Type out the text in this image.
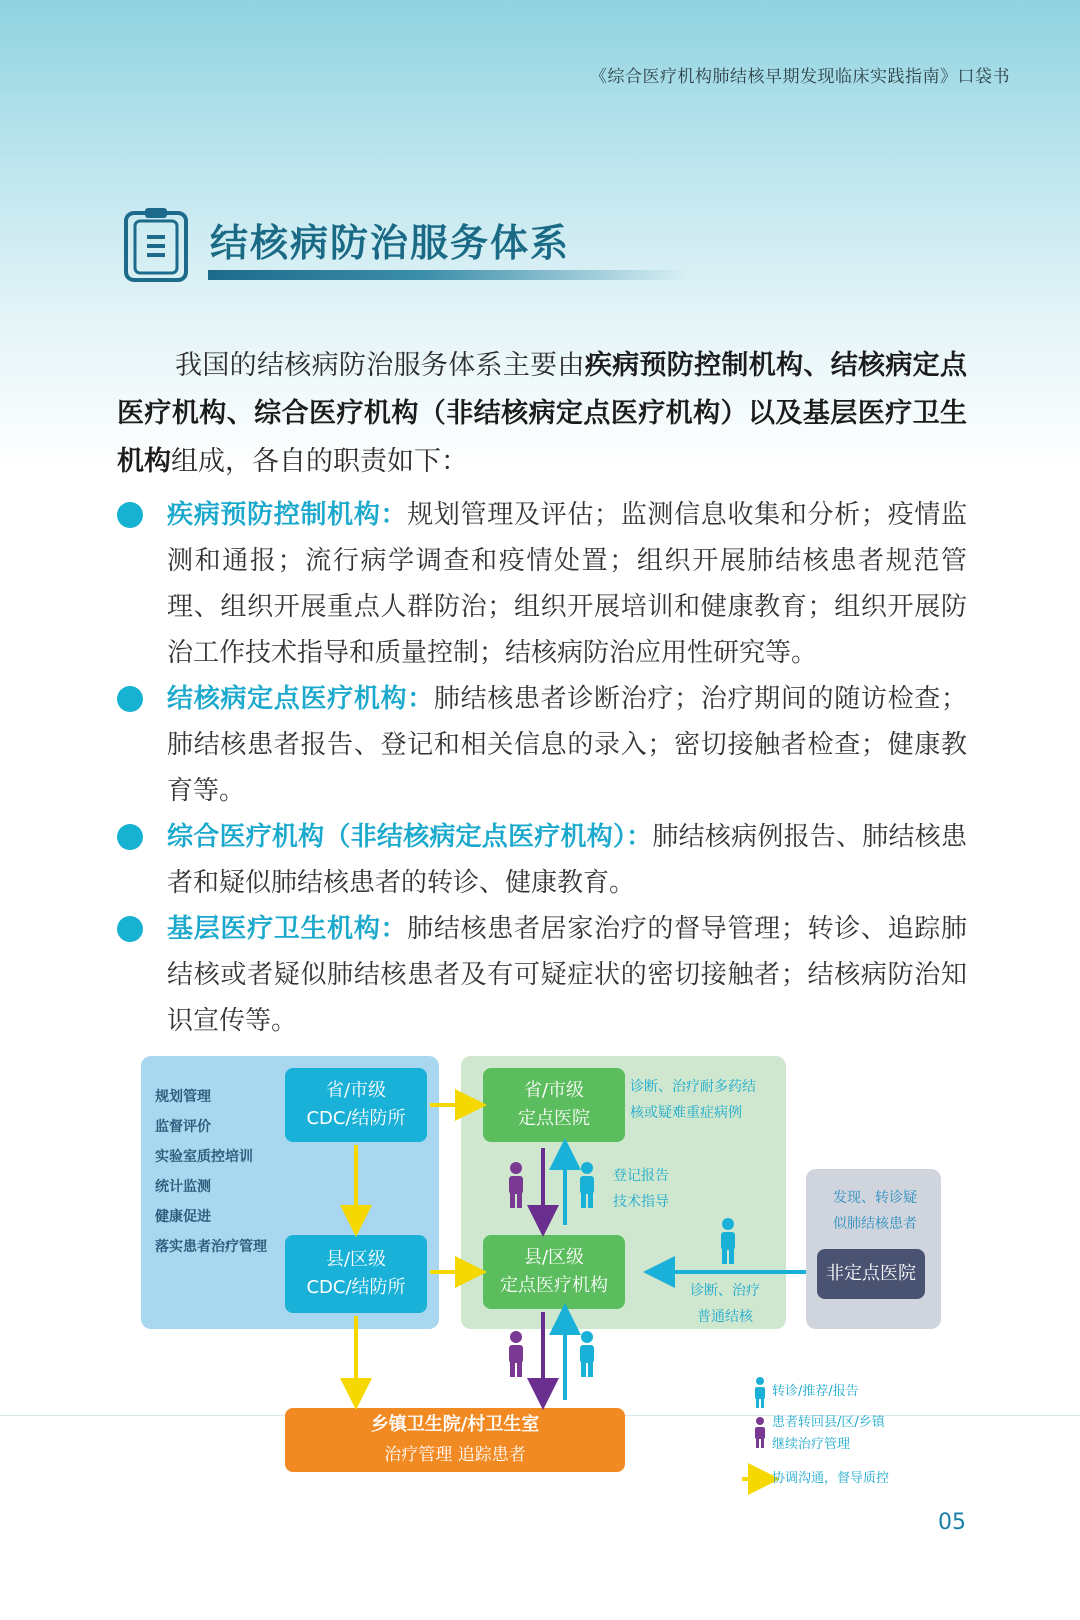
《综合医疗机构肺结核早期发现临床实践指南》口袋书
结核病防治服务体系
我国的结核病防治服务体系主要由疾病预防控制机构、结核病定点医疗机构、综合医疗机构（非结核病定点医疗机构）以及基层医疗卫生机构组成，各自的职责如下：
疾病预防控制机构：规划管理及评估；监测信息收集和分析；疫情监测和通报；流行病学调查和疫情处置；组织开展肺结核患者规范管理、组织开展重点人群防治；组织开展培训和健康教育；组织开展防治工作技术指导和质量控制；结核病防治应用性研究等。
结核病定点医疗机构：肺结核患者诊断治疗；治疗期间的随访检查；肺结核患者报告、登记和相关信息的录入；密切接触者检查；健康教育等。
综合医疗机构（非结核病定点医疗机构）：肺结核病例报告、肺结核患者和疑似肺结核患者的转诊、健康教育。
基层医疗卫生机构：肺结核患者居家治疗的督导管理；转诊、追踪肺结核或者疑似肺结核患者及有可疑症状的密切接触者；结核病防治知识宣传等。
规划管理
监督评价
实验室质控培训
统计监测
健康促进
落实患者治疗管理
省/市级
CDC/结防所
县/区级
CDC/结防所
省/市级
定点医院
县/区级
定点医疗机构
非定点医院
乡镇卫生院/村卫生室
治疗管理 追踪患者
诊断、治疗耐多药结
核或疑难重症病例
登记报告
技术指导	发现、转诊疑
似肺结核患者
诊断、治疗
普通结核
转诊/推荐/报告
患者转回县/区/乡镇
继续治疗管理
协调沟通，督导质控
05
